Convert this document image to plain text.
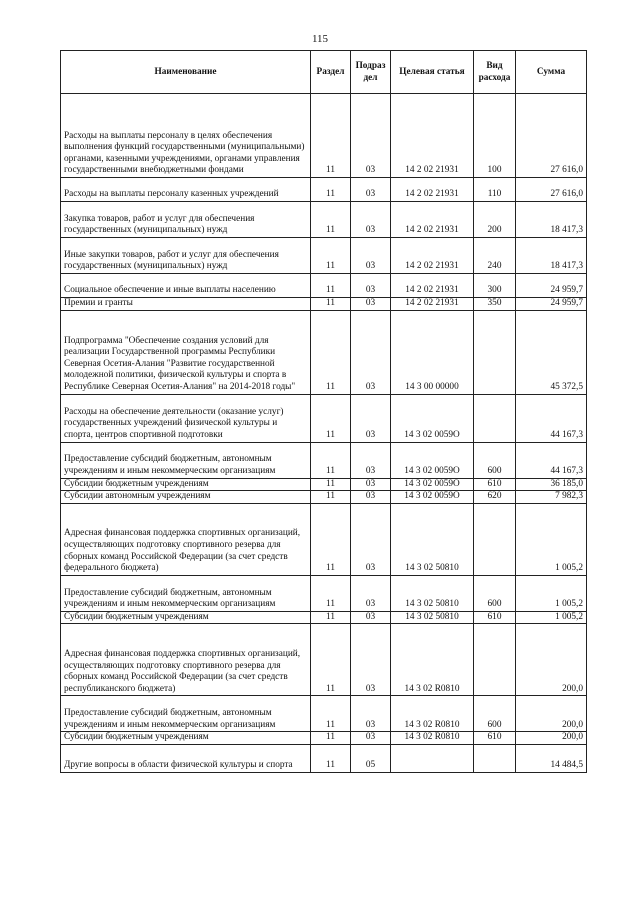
115
Наименование	Раздел	Подраз дел	Целевая статья	Вид расхода	Сумма
Расходы на выплаты персоналу в целях обеспечения выполнения функций государственными (муниципальными) органами, казенными учреждениями, органами управления государственными внебюджетными фондами	11	03	14 2 02 21931	100	27 616,0
Расходы на выплаты персоналу казенных учреждений	11	03	14 2 02 21931	110	27 616,0
Закупка товаров, работ и услуг для обеспечения государственных (муниципальных) нужд	11	03	14 2 02 21931	200	18 417,3
Иные закупки товаров, работ и услуг для обеспечения государственных (муниципальных) нужд	11	03	14 2 02 21931	240	18 417,3
Социальное обеспечение и иные выплаты населению	11	03	14 2 02 21931	300	24 959,7
Премии и гранты	11	03	14 2 02 21931	350	24 959,7
Подпрограмма "Обеспечение создания условий для реализации Государственной программы Республики Северная Осетия-Алания "Развитие государственной молодежной политики, физической культуры и спорта в Республике Северная Осетия-Алания" на 2014-2018 годы"	11	03	14 3 00 00000		45 372,5
Расходы на обеспечение деятельности (оказание услуг) государственных учреждений физической культуры и спорта, центров спортивной подготовки	11	03	14 3 02 0059О		44 167,3
Предоставление субсидий бюджетным, автономным учреждениям и иным некоммерческим организациям	11	03	14 3 02 0059О	600	44 167,3
Субсидии бюджетным учреждениям	11	03	14 3 02 0059О	610	36 185,0
Субсидии автономным учреждениям	11	03	14 3 02 0059О	620	7 982,3
Адресная финансовая поддержка спортивных организаций, осуществляющих подготовку спортивного резерва для сборных команд Российской Федерации (за счет средств федерального бюджета)	11	03	14 3 02 50810		1 005,2
Предоставление субсидий бюджетным, автономным учреждениям и иным некоммерческим организациям	11	03	14 3 02 50810	600	1 005,2
Субсидии бюджетным учреждениям	11	03	14 3 02 50810	610	1 005,2
Адресная финансовая поддержка спортивных организаций, осуществляющих подготовку спортивного резерва для сборных команд Российской Федерации (за счет средств республиканского бюджета)	11	03	14 3 02 R0810		200,0
Предоставление субсидий бюджетным, автономным учреждениям и иным некоммерческим организациям	11	03	14 3 02 R0810	600	200,0
Субсидии бюджетным учреждениям	11	03	14 3 02 R0810	610	200,0
Другие вопросы в области физической культуры и спорта	11	05			14 484,5
